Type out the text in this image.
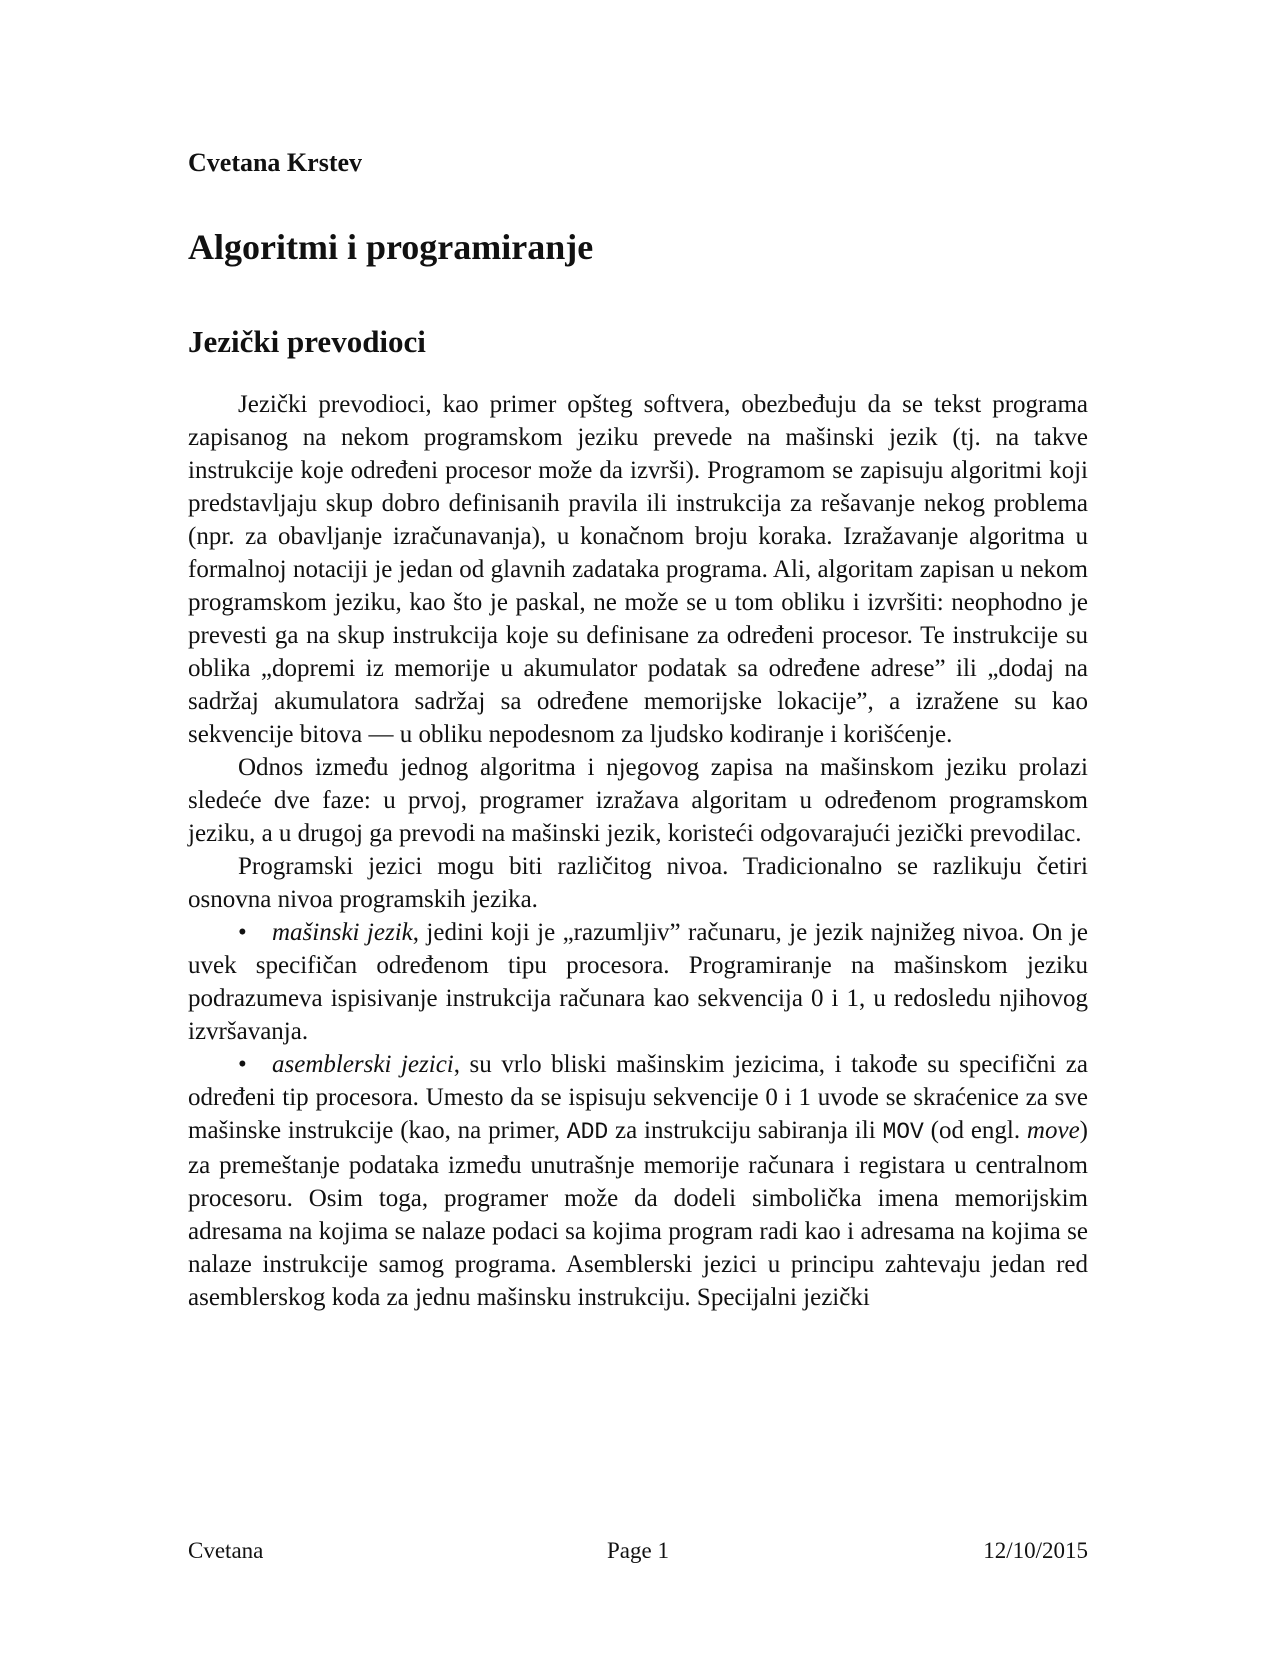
Cvetana Krstev
Algoritmi i programiranje
Jezički prevodioci

Jezički prevodioci, kao primer opšteg softvera, obezbeđuju da se tekst programa zapisanog na nekom programskom jeziku prevede na mašinski jezik (tj. na takve instrukcije koje određeni procesor može da izvrši). Programom se zapisuju algoritmi koji predstavljaju skup dobro definisanih pravila ili instrukcija za rešavanje nekog problema (npr. za obavljanje izračunavanja), u konačnom broju koraka. Izražavanje algoritma u formalnoj notaciji je jedan od glavnih zadataka programa. Ali, algoritam zapisan u nekom programskom jeziku, kao što je paskal, ne može se u tom obliku i izvršiti: neophodno je prevesti ga na skup instrukcija koje su definisane za određeni procesor. Te instrukcije su oblika „dopremi iz memorije u akumulator podatak sa određene adrese” ili „dodaj na sadržaj akumulatora sadržaj sa određene memorijske lokacije”, a izražene su kao sekvencije bitova — u obliku nepodesnom za ljudsko kodiranje i korišćenje.

Odnos između jednog algoritma i njegovog zapisa na mašinskom jeziku prolazi sledeće dve faze: u prvoj, programer izražava algoritam u određenom programskom jeziku, a u drugoj ga prevodi na mašinski jezik, koristeći odgovarajući jezički prevodilac.

Programski jezici mogu biti različitog nivoa. Tradicionalno se razlikuju četiri osnovna nivoa programskih jezika.

• mašinski jezik, jedini koji je „razumljiv” računaru, je jezik najnižeg nivoa. On je uvek specifičan određenom tipu procesora. Programiranje na mašinskom jeziku podrazumeva ispisivanje instrukcija računara kao sekvencija 0 i 1, u redosledu njihovog izvršavanja.

• asemblerski jezici, su vrlo bliski mašinskim jezicima, i takođe su specifični za određeni tip procesora. Umesto da se ispisuju sekvencije 0 i 1 uvode se skraćenice za sve mašinske instrukcije (kao, na primer, ADD za instrukciju sabiranja ili MOV (od engl. move) za premeštanje podataka između unutrašnje memorije računara i registara u centralnom procesoru. Osim toga, programer može da dodeli simbolička imena memorijskim adresama na kojima se nalaze podaci sa kojima program radi kao i adresama na kojima se nalaze instrukcije samog programa. Asemblerski jezici u principu zahtevaju jedan red asemblerskog koda za jednu mašinsku instrukciju. Specijalni jezički

Cvetana	Page 1	12/10/2015
